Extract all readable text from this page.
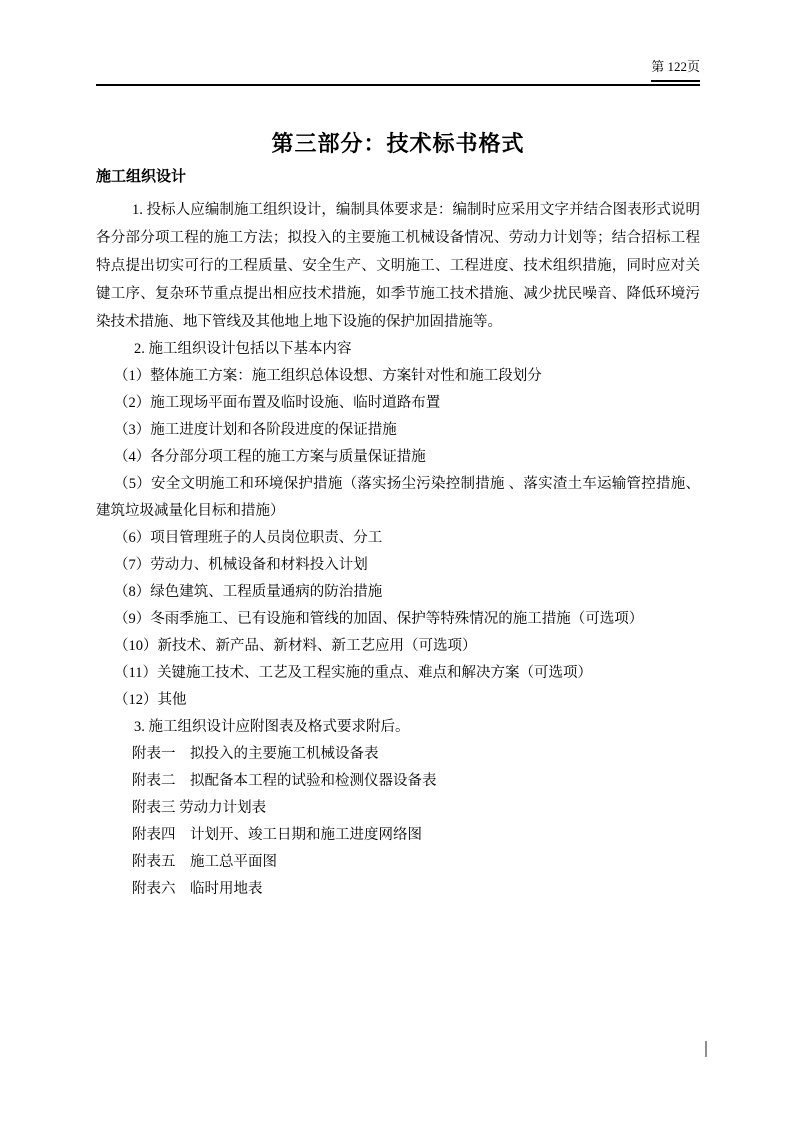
第 122页
第三部分：技术标书格式
施工组织设计

1. 投标人应编制施工组织设计，编制具体要求是：编制时应采用文字并结合图表形式说明各分部分项工程的施工方法；拟投入的主要施工机械设备情况、劳动力计划等；结合招标工程特点提出切实可行的工程质量、安全生产、文明施工、工程进度、技术组织措施，同时应对关键工序、复杂环节重点提出相应技术措施，如季节施工技术措施、减少扰民噪音、降低环境污染技术措施、地下管线及其他地上地下设施的保护加固措施等。

2. 施工组织设计包括以下基本内容

（1）整体施工方案：施工组织总体设想、方案针对性和施工段划分

（2）施工现场平面布置及临时设施、临时道路布置

（3）施工进度计划和各阶段进度的保证措施

（4）各分部分项工程的施工方案与质量保证措施

（5）安全文明施工和环境保护措施（落实扬尘污染控制措施 、落实渣土车运输管控措施、建筑垃圾减量化目标和措施）

（6）项目管理班子的人员岗位职责、分工

（7）劳动力、机械设备和材料投入计划

（8）绿色建筑、工程质量通病的防治措施

（9）冬雨季施工、已有设施和管线的加固、保护等特殊情况的施工措施（可选项）

（10）新技术、新产品、新材料、新工艺应用（可选项）

（11）关键施工技术、工艺及工程实施的重点、难点和解决方案（可选项）

（12）其他

3. 施工组织设计应附图表及格式要求附后。

附表一　拟投入的主要施工机械设备表

附表二　拟配备本工程的试验和检测仪器设备表

附表三 劳动力计划表

附表四　计划开、竣工日期和施工进度网络图

附表五　施工总平面图

附表六　临时用地表
